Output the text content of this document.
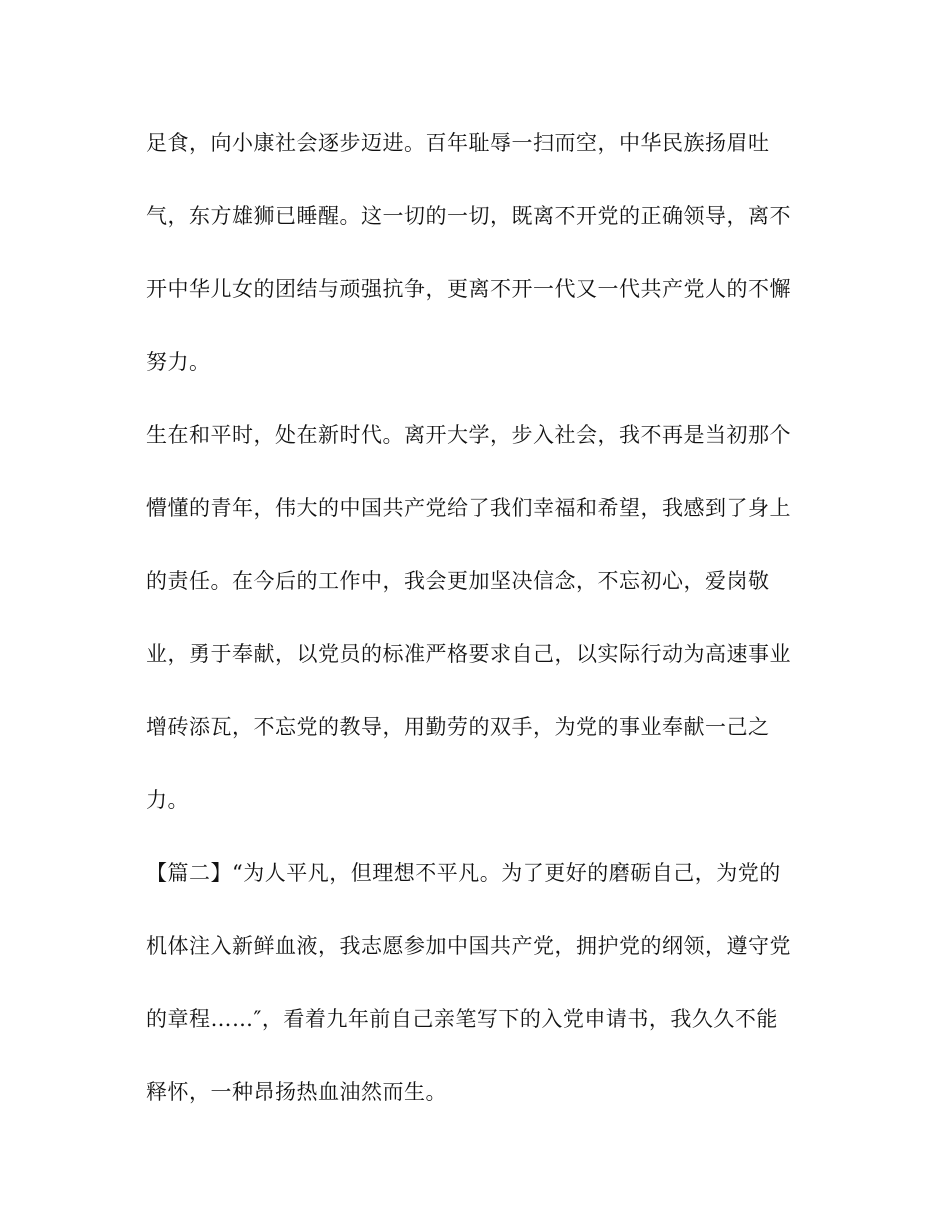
足食，向小康社会逐步迈进。百年耻辱一扫而空，中华民族扬眉吐
气，东方雄狮已睡醒。这一切的一切，既离不开党的正确领导，离不
开中华儿女的团结与顽强抗争，更离不开一代又一代共产党人的不懈
努力。
生在和平时，处在新时代。离开大学，步入社会，我不再是当初那个
懵懂的青年，伟大的中国共产党给了我们幸福和希望，我感到了身上
的责任。在今后的工作中，我会更加坚决信念，不忘初心，爱岗敬
业，勇于奉献，以党员的标准严格要求自己，以实际行动为高速事业
增砖添瓦，不忘党的教导，用勤劳的双手，为党的事业奉献一己之
力。
【篇二】“为人平凡，但理想不平凡。为了更好的磨砺自己，为党的
机体注入新鲜血液，我志愿参加中国共产党，拥护党的纲领，遵守党
的章程……″，看着九年前自己亲笔写下的入党申请书，我久久不能
释怀，一种昂扬热血油然而生。
